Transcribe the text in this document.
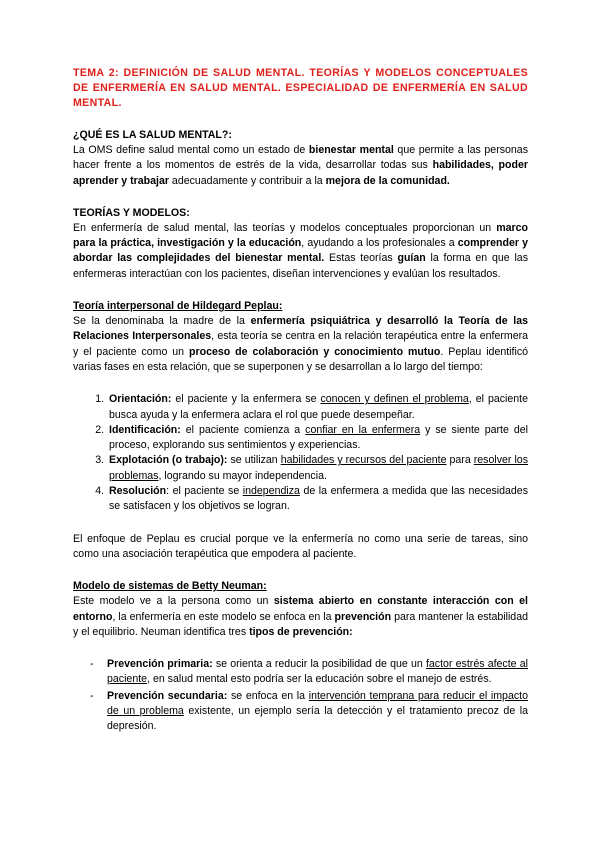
TEMA 2: DEFINICIÓN DE SALUD MENTAL. TEORÍAS Y MODELOS CONCEPTUALES DE ENFERMERÍA EN SALUD MENTAL. ESPECIALIDAD DE ENFERMERÍA EN SALUD MENTAL.

¿QUÉ ES LA SALUD MENTAL?:

La OMS define salud mental como un estado de bienestar mental que permite a las personas hacer frente a los momentos de estrés de la vida, desarrollar todas sus habilidades, poder aprender y trabajar adecuadamente y contribuir a la mejora de la comunidad.

TEORÍAS Y MODELOS:

En enfermería de salud mental, las teorías y modelos conceptuales proporcionan un marco para la práctica, investigación y la educación, ayudando a los profesionales a comprender y abordar las complejidades del bienestar mental. Estas teorías guían la forma en que las enfermeras interactúan con los pacientes, diseñan intervenciones y evalúan los resultados.

Teoría interpersonal de Hildegard Peplau:

Se la denominaba la madre de la enfermería psiquiátrica y desarrolló la Teoría de las Relaciones Interpersonales, esta teoría se centra en la relación terapéutica entre la enfermera y el paciente como un proceso de colaboración y conocimiento mutuo. Peplau identificó varias fases en esta relación, que se superponen y se desarrollan a lo largo del tiempo:

1. Orientación: el paciente y la enfermera se conocen y definen el problema, el paciente busca ayuda y la enfermera aclara el rol que puede desempeñar.
2. Identificación: el paciente comienza a confiar en la enfermera y se siente parte del proceso, explorando sus sentimientos y experiencias.
3. Explotación (o trabajo): se utilizan habilidades y recursos del paciente para resolver los problemas, logrando su mayor independencia.
4. Resolución: el paciente se independiza de la enfermera a medida que las necesidades se satisfacen y los objetivos se logran.

El enfoque de Peplau es crucial porque ve la enfermería no como una serie de tareas, sino como una asociación terapéutica que empodera al paciente.

Modelo de sistemas de Betty Neuman:

Este modelo ve a la persona como un sistema abierto en constante interacción con el entorno, la enfermería en este modelo se enfoca en la prevención para mantener la estabilidad y el equilibrio. Neuman identifica tres tipos de prevención:

- Prevención primaria: se orienta a reducir la posibilidad de que un factor estrés afecte al paciente, en salud mental esto podría ser la educación sobre el manejo de estrés.
- Prevención secundaria: se enfoca en la intervención temprana para reducir el impacto de un problema existente, un ejemplo sería la detección y el tratamiento precoz de la depresión.
